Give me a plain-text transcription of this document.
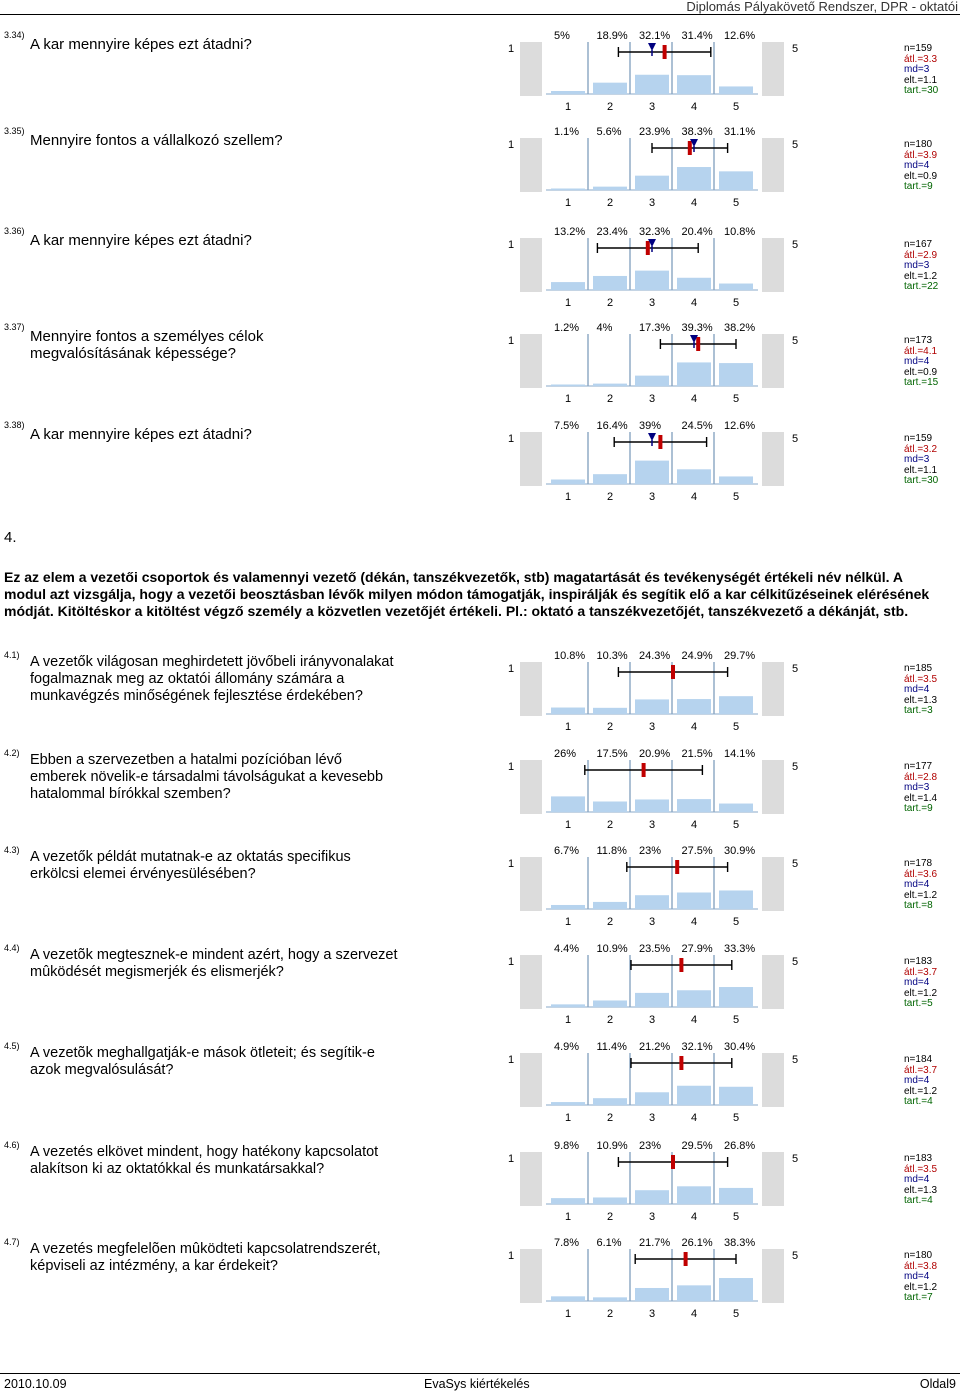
Diplomás Pályakövető Rendszer, DPR - oktatói
3.34)
A kar mennyire képes ezt átadni?	1	5
5%
1
18.9%
2
32.1%
3
31.4%
4
12.6%
5
n=159
átl.=3.3
md=3
elt.=1.1
tart.=30
3.35)
Mennyire fontos a vállalkozó szellem?	1	5
1.1%
1
5.6%
2
23.9%
3
38.3%
4
31.1%
5
n=180
átl.=3.9
md=4
elt.=0.9
tart.=9
3.36)
A kar mennyire képes ezt átadni?	1	5
13.2%
1
23.4%
2
32.3%
3
20.4%
4
10.8%
5
n=167
átl.=2.9
md=3
elt.=1.2
tart.=22
3.37)
Mennyire fontos a személyes célok megvalósításának képessége?
1	5
1.2%
1
4%
2
17.3%
3
39.3%
4
38.2%
5
n=173
átl.=4.1
md=4
elt.=0.9
tart.=15
3.38)
A kar mennyire képes ezt átadni?	1	5
7.5%
1
16.4%
2
39%
3
24.5%
4
12.6%
5
n=159
átl.=3.2
md=3
elt.=1.1
tart.=30
4.1) A vezetők világosan meghirdetett jövőbeli irányvonalakat fogalmaznak meg az oktatói állomány számára a munkavégzés minőségének fejlesztése érdekében?
1	5
10.8%
1
10.3%
2
24.3%
3
24.9%
4
29.7%
5
n=185
átl.=3.5
md=4
elt.=1.3
tart.=3
4.2) Ebben a szervezetben a hatalmi pozícióban lévő emberek növelik-e társadalmi távolságukat a kevesebb hatalommal bírókkal szemben?
1	5
26%
1
17.5%
2
20.9%
3
21.5%
4
14.1%
5
n=177
átl.=2.8
md=3
elt.=1.4
tart.=9
4.3) A vezetők példát mutatnak-e az oktatás specifikus erkölcsi elemei érvényesülésében?
1	5
6.7%
1
11.8%
2
23%
3
27.5%
4
30.9%
5
n=178
átl.=3.6
md=4
elt.=1.2
tart.=8
4.4) A vezetõk megtesznek-e mindent azért, hogy a szervezet mûködését megismerjék és elismerjék?
1	5
4.4%
1
10.9%
2
23.5%
3
27.9%
4
33.3%
5
n=183
átl.=3.7
md=4
elt.=1.2
tart.=5
4.5) A vezetõk meghallgatják-e mások ötleteit; és segítik-e azok megvalósulását?
1	5
4.9%
1
11.4%
2
21.2%
3
32.1%
4
30.4%
5
n=184
átl.=3.7
md=4
elt.=1.2
tart.=4
4.6) A vezetés elkövet mindent, hogy hatékony kapcsolatot alakítson ki az oktatókkal és munkatársakkal?
1	5
9.8%
1
10.9%
2
23%
3
29.5%
4
26.8%
5
n=183
átl.=3.5
md=4
elt.=1.3
tart.=4
4.7) A vezetés megfelelõen mûködteti kapcsolatrendszerét, képviseli az intézmény, a kar érdekeit?
1	5
7.8%
1
6.1%
2
21.7%
3
26.1%
4
38.3%
5
n=180
átl.=3.8
md=4
elt.=1.2
tart.=7
4.
Ez az elem a vezetői csoportok és valamennyi vezető (dékán, tanszékvezetők, stb) magatartását és tevékenységét értékeli név nélkül. A modul azt vizsgálja, hogy a vezetői beosztásban lévők milyen módon támogatják, inspirálják és segítik elő a kar célkitűzéseinek elérésének módját. Kitöltéskor a kitöltést végző személy a közvetlen vezetőjét értékeli. Pl.: oktató a tanszékvezetőjét, tanszékvezető a dékánját, stb.
2010.10.09	EvaSys kiértékelés	Oldal9
